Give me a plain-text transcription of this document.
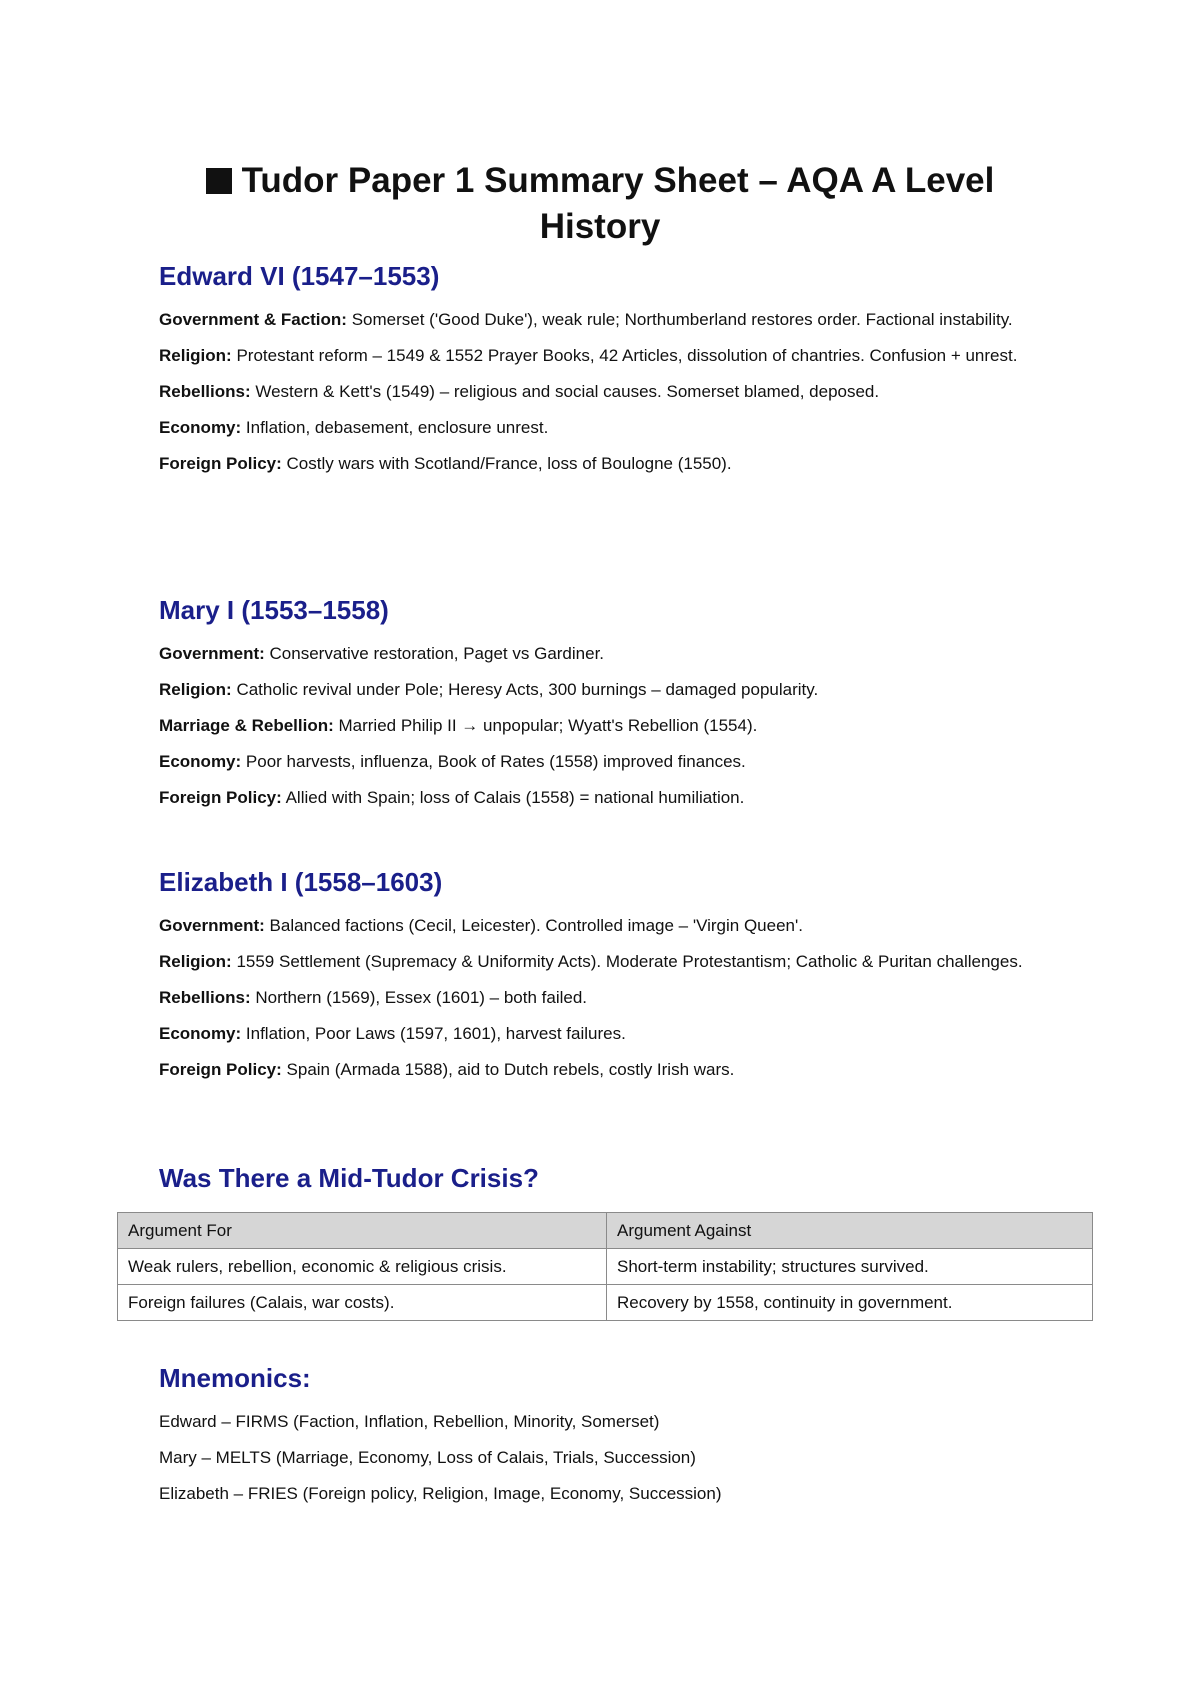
Tudor Paper 1 Summary Sheet – AQA A Level History
Edward VI (1547–1553)

Government & Faction: Somerset ('Good Duke'), weak rule; Northumberland restores order. Factional instability.

Religion: Protestant reform – 1549 & 1552 Prayer Books, 42 Articles, dissolution of chantries. Confusion + unrest.

Rebellions: Western & Kett's (1549) – religious and social causes. Somerset blamed, deposed.

Economy: Inflation, debasement, enclosure unrest.

Foreign Policy: Costly wars with Scotland/France, loss of Boulogne (1550).

Mary I (1553–1558)

Government: Conservative restoration, Paget vs Gardiner.

Religion: Catholic revival under Pole; Heresy Acts, 300 burnings – damaged popularity.

Marriage & Rebellion: Married Philip II → unpopular; Wyatt's Rebellion (1554).

Economy: Poor harvests, influenza, Book of Rates (1558) improved finances.

Foreign Policy: Allied with Spain; loss of Calais (1558) = national humiliation.

Elizabeth I (1558–1603)

Government: Balanced factions (Cecil, Leicester). Controlled image – 'Virgin Queen'.

Religion: 1559 Settlement (Supremacy & Uniformity Acts). Moderate Protestantism; Catholic & Puritan challenges.

Rebellions: Northern (1569), Essex (1601) – both failed.

Economy: Inflation, Poor Laws (1597, 1601), harvest failures.

Foreign Policy: Spain (Armada 1588), aid to Dutch rebels, costly Irish wars.

Was There a Mid-Tudor Crisis?
Argument For	Argument Against
Weak rulers, rebellion, economic & religious crisis.	Short-term instability; structures survived.
Foreign failures (Calais, war costs).	Recovery by 1558, continuity in government.
Mnemonics:

Edward – FIRMS (Faction, Inflation, Rebellion, Minority, Somerset)

Mary – MELTS (Marriage, Economy, Loss of Calais, Trials, Succession)

Elizabeth – FRIES (Foreign policy, Religion, Image, Economy, Succession)
